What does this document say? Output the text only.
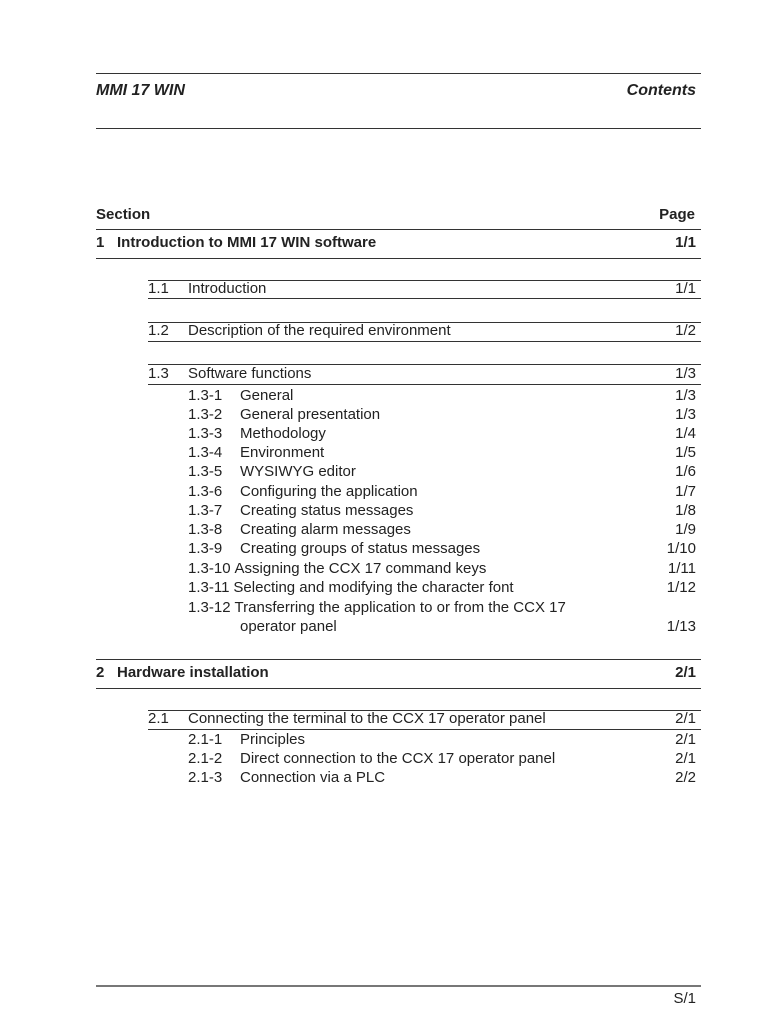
MMI 17 WIN	Contents
Section	Page
1 Introduction to MMI 17 WIN software	1/1
1.1 Introduction	1/1
1.2 Description of the required environment	1/2
1.3 Software functions	1/3
1.3-1 General	1/3
1.3-2 General presentation	1/3
1.3-3 Methodology	1/4
1.3-4 Environment	1/5
1.3-5 WYSIWYG editor	1/6
1.3-6 Configuring the application	1/7
1.3-7 Creating status messages	1/8
1.3-8 Creating alarm messages	1/9
1.3-9 Creating groups of status messages	1/10
1.3-10 Assigning the CCX 17 command keys	1/11
1.3-11 Selecting and modifying the character font	1/12
1.3-12 Transferring the application to or from the CCX 17
operator panel	1/13
2 Hardware installation	2/1
2.1 Connecting the terminal to the CCX 17 operator panel	2/1
2.1-1 Principles	2/1
2.1-2 Direct connection to the CCX 17 operator panel	2/1
2.1-3 Connection via a PLC	2/2
S/1
